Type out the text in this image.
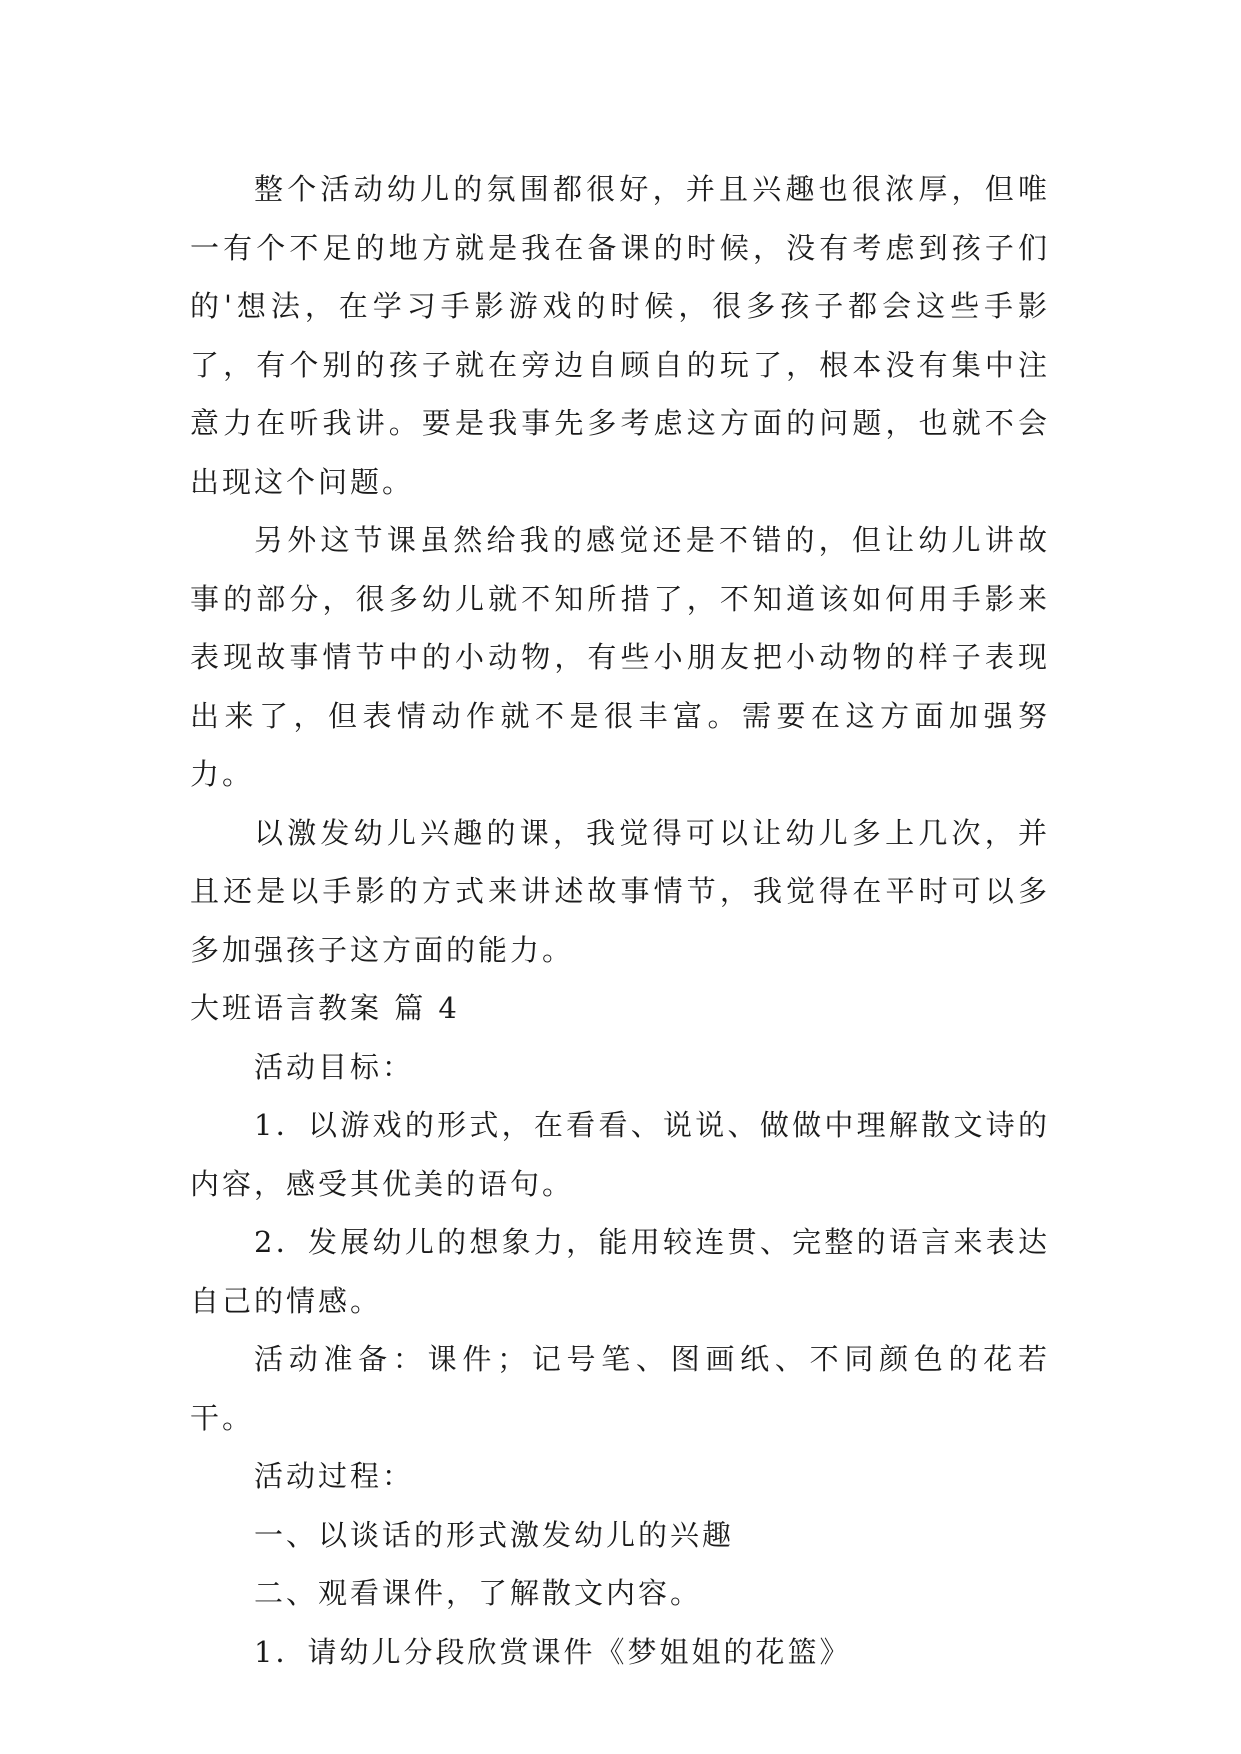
整个活动幼儿的氛围都很好，并且兴趣也很浓厚，但唯一有个不足的地方就是我在备课的时候，没有考虑到孩子们的'想法，在学习手影游戏的时候，很多孩子都会这些手影了，有个别的孩子就在旁边自顾自的玩了，根本没有集中注意力在听我讲。要是我事先多考虑这方面的问题，也就不会出现这个问题。

另外这节课虽然给我的感觉还是不错的，但让幼儿讲故事的部分，很多幼儿就不知所措了，不知道该如何用手影来表现故事情节中的小动物，有些小朋友把小动物的样子表现出来了，但表情动作就不是很丰富。需要在这方面加强努力。

以激发幼儿兴趣的课，我觉得可以让幼儿多上几次，并且还是以手影的方式来讲述故事情节，我觉得在平时可以多多加强孩子这方面的能力。

大班语言教案 篇 4

活动目标：

1．以游戏的形式，在看看、说说、做做中理解散文诗的内容，感受其优美的语句。

2．发展幼儿的想象力，能用较连贯、完整的语言来表达自己的情感。

活动准备：课件；记号笔、图画纸、不同颜色的花若干。

活动过程：

一、以谈话的形式激发幼儿的兴趣

二、观看课件，了解散文内容。

1．请幼儿分段欣赏课件《梦姐姐的花篮》
